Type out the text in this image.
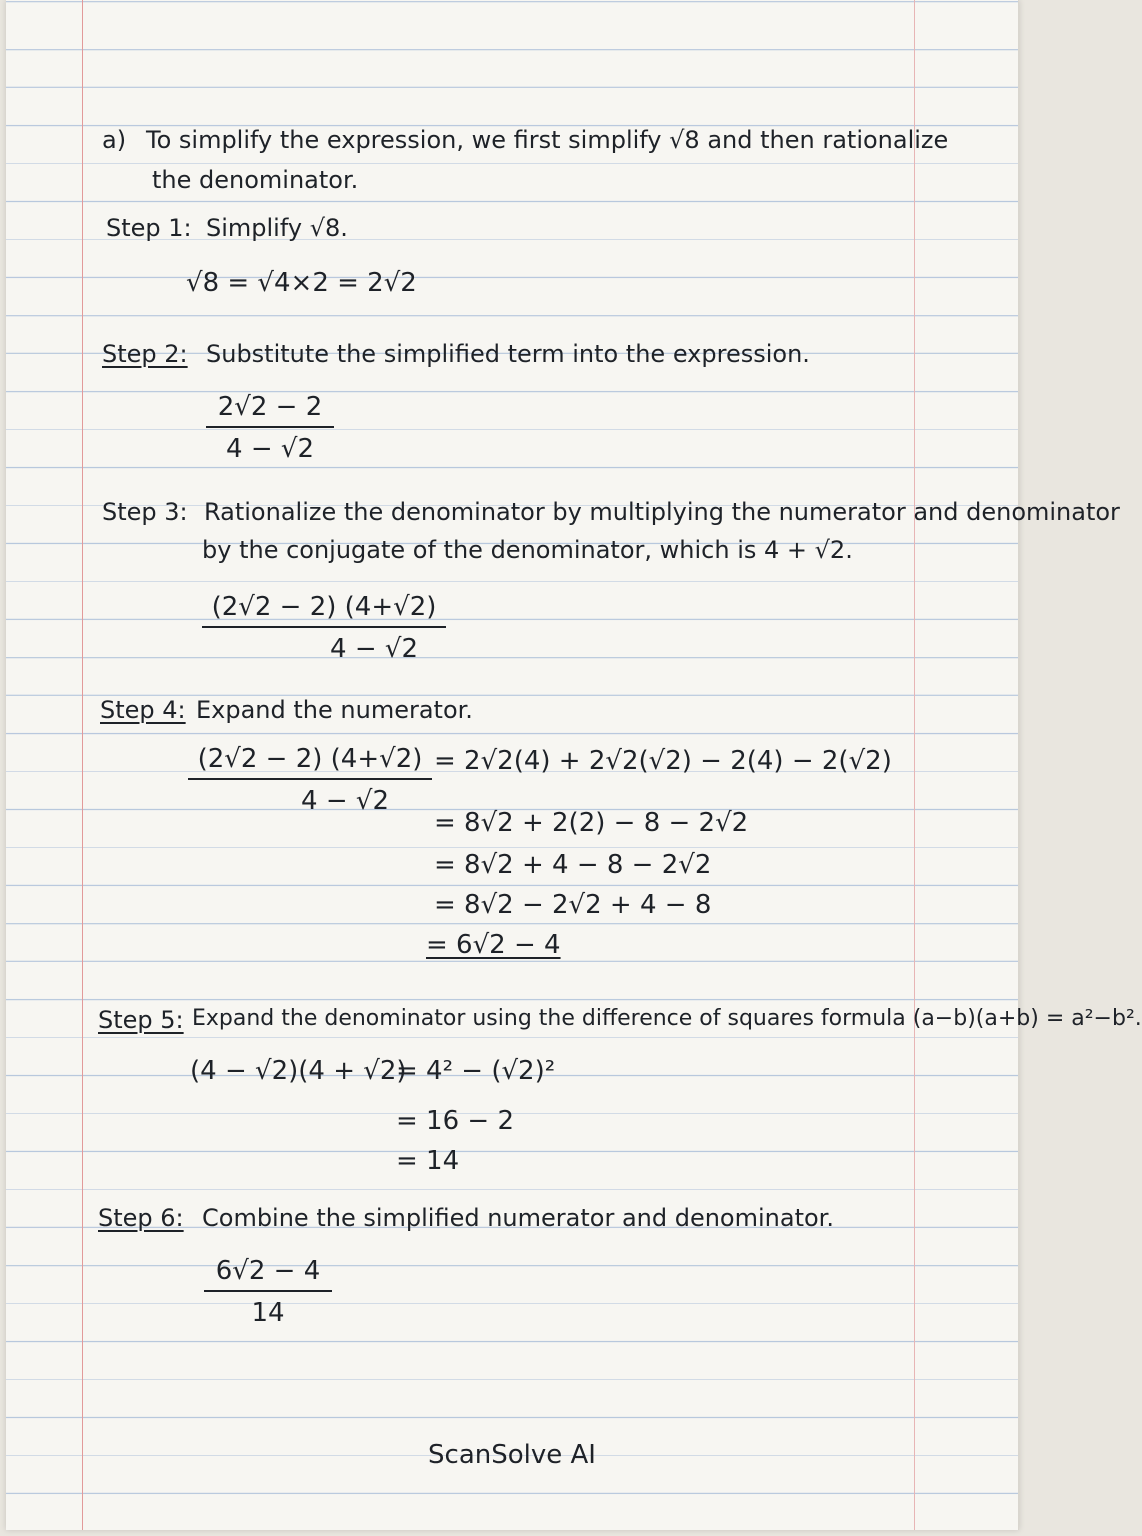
a) To simplify the expression, we first simplify √8 and then rationalize
the denominator.
Step 1: Simplify √8.
√8 = √4×2 = 2√2
Step 2: Substitute the simplified term into the expression.
2√2 − 2
4 − √2
Step 3: Rationalize the denominator by multiplying the numerator and denominator
by the conjugate of the denominator, which is 4 + √2.
(2√2 − 2) (4+√2)
4 − √2
Step 4: Expand the numerator.
(2√2 − 2) (4+√2)
4 − √2
= 2√2(4) + 2√2(√2) − 2(4) − 2(√2)
= 8√2 + 2(2) − 8 − 2√2
= 8√2 + 4 − 8 − 2√2
= 8√2 − 2√2 + 4 − 8
= 6√2 − 4
Step 5: Expand the denominator using the difference of squares formula (a−b)(a+b) = a²−b².
(4 − √2)(4 + √2)
= 4² − (√2)²
= 16 − 2
= 14
Step 6: Combine the simplified numerator and denominator.
6√2 − 4
14
ScanSolve AI
